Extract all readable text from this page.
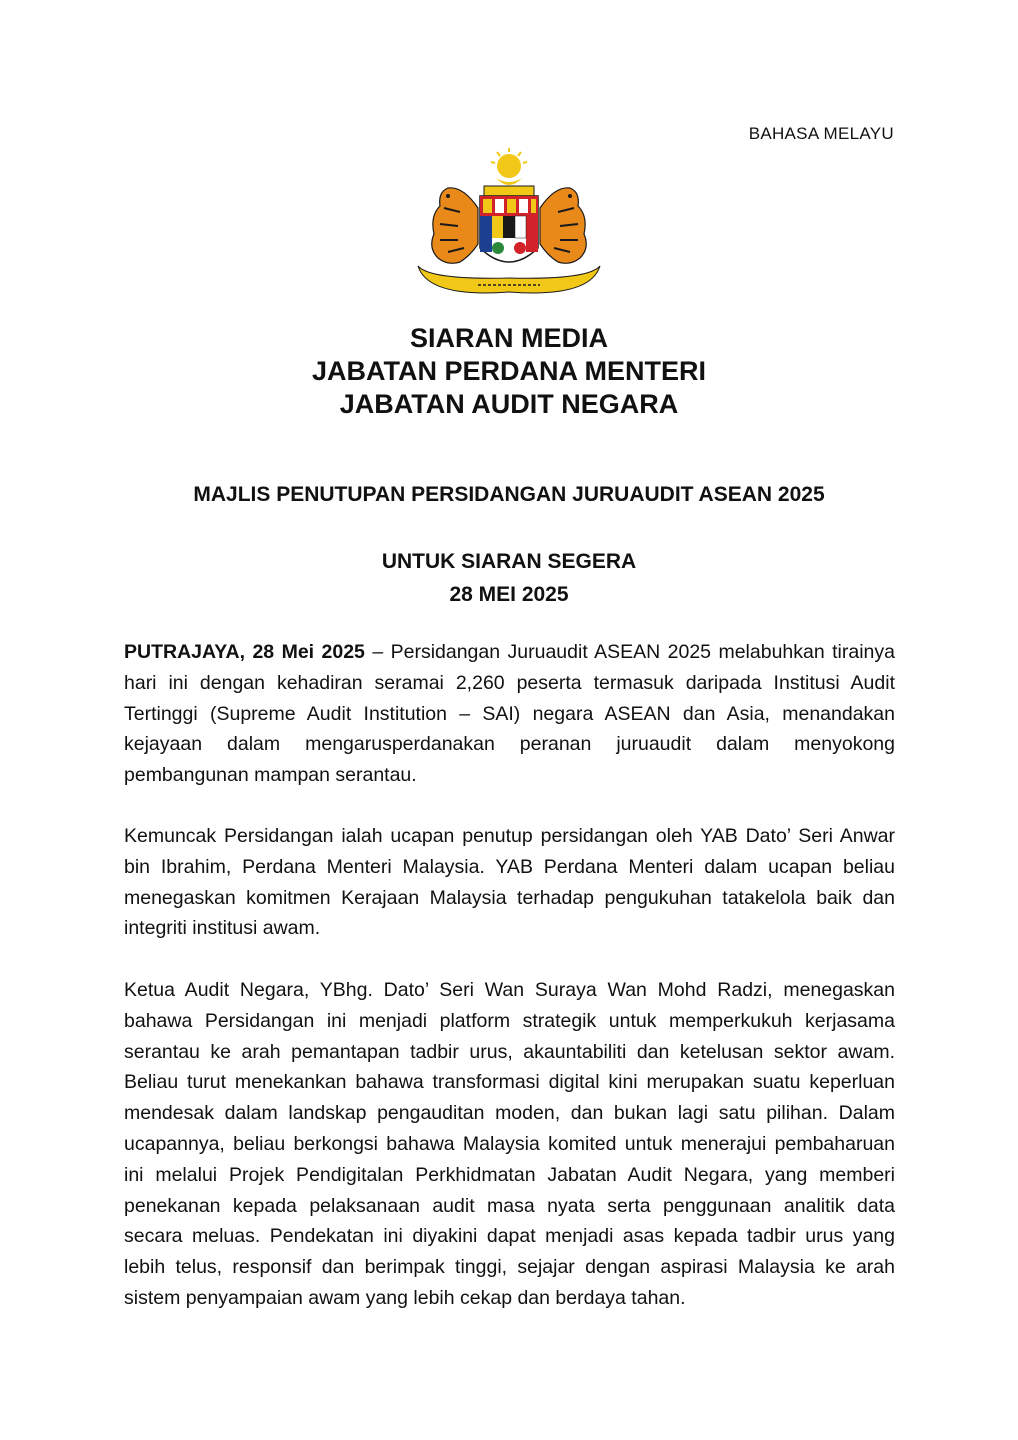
BAHASA MELAYU
SIARAN MEDIA
JABATAN PERDANA MENTERI
JABATAN AUDIT NEGARA
MAJLIS PENUTUPAN PERSIDANGAN JURUAUDIT ASEAN 2025
UNTUK SIARAN SEGERA
28 MEI 2025

PUTRAJAYA, 28 Mei 2025 – Persidangan Juruaudit ASEAN 2025 melabuhkan tirainya hari ini dengan kehadiran seramai 2,260 peserta termasuk daripada Institusi Audit Tertinggi (Supreme Audit Institution – SAI) negara ASEAN dan Asia, menandakan kejayaan dalam mengarusperdanakan peranan juruaudit dalam menyokong pembangunan mampan serantau.

Kemuncak Persidangan ialah ucapan penutup persidangan oleh YAB Dato’ Seri Anwar bin Ibrahim, Perdana Menteri Malaysia. YAB Perdana Menteri dalam ucapan beliau menegaskan komitmen Kerajaan Malaysia terhadap pengukuhan tatakelola baik dan integriti institusi awam.

Ketua Audit Negara, YBhg. Dato’ Seri Wan Suraya Wan Mohd Radzi, menegaskan bahawa Persidangan ini menjadi platform strategik untuk memperkukuh kerjasama serantau ke arah pemantapan tadbir urus, akauntabiliti dan ketelusan sektor awam. Beliau turut menekankan bahawa transformasi digital kini merupakan suatu keperluan mendesak dalam landskap pengauditan moden, dan bukan lagi satu pilihan. Dalam ucapannya, beliau berkongsi bahawa Malaysia komited untuk menerajui pembaharuan ini melalui Projek Pendigitalan Perkhidmatan Jabatan Audit Negara, yang memberi penekanan kepada pelaksanaan audit masa nyata serta penggunaan analitik data secara meluas. Pendekatan ini diyakini dapat menjadi asas kepada tadbir urus yang lebih telus, responsif dan berimpak tinggi, sejajar dengan aspirasi Malaysia ke arah sistem penyampaian awam yang lebih cekap dan berdaya tahan.
